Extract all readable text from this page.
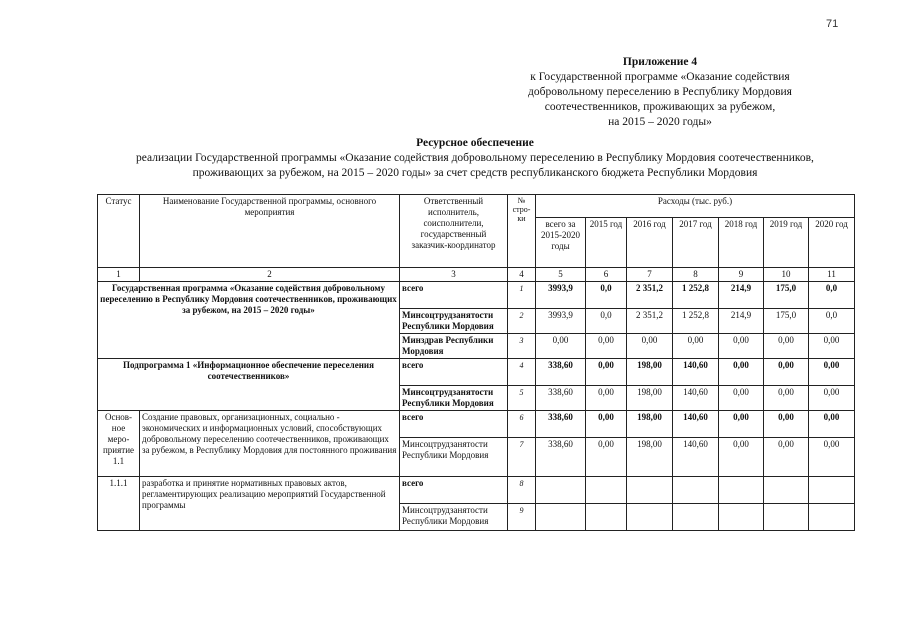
71
Приложение 4
к Государственной программе «Оказание содействия
добровольному переселению в Республику Мордовия
соотечественников, проживающих за рубежом,
на 2015 – 2020 годы»
Ресурсное обеспечение
реализации Государственной программы «Оказание содействия добровольному переселению в Республику Мордовия соотечественников,
проживающих за рубежом, на 2015 – 2020 годы» за счет средств республиканского бюджета Республики Мордовия
Статус	Наименование Государственной программы, основного мероприятия	Ответственный исполнитель, соисполнители, государственный заказчик-координатор	№ стро-ки	Расходы (тыс. руб.)						
				всего за 2015-2020 годы	2015 год	2016 год	2017 год	2018 год	2019 год	2020 год
1	2	3	4	5	6	7	8	9	10	11
Государственная программа «Оказание содействия добровольному переселению в Республику Мордовия соотечественников, проживающих за рубежом, на 2015 – 2020 годы»		всего	1	3993,9	0,0	2 351,2	1 252,8	214,9	175,0	0,0
		Минсоцтрудзанятости Республики Мордовия	2	3993,9	0,0	2 351,2	1 252,8	214,9	175,0	0,0
		Минздрав Республики Мордовия	3	0,00	0,00	0,00	0,00	0,00	0,00	0,00
Подпрограмма 1 «Информационное обеспечение переселения соотечественников»		всего	4	338,60	0,00	198,00	140,60	0,00	0,00	0,00
		Минсоцтрудзанятости Республики Мордовия	5	338,60	0,00	198,00	140,60	0,00	0,00	0,00
Основ-ное меро-приятие 1.1	Создание правовых, организационных, социально - экономических и информационных условий, способствующих добровольному переселению соотечественников, проживающих за рубежом, в Республику Мордовия для постоянного проживания	всего	6	338,60	0,00	198,00	140,60	0,00	0,00	0,00
		Минсоцтрудзанятости Республики Мордовия	7	338,60	0,00	198,00	140,60	0,00	0,00	0,00
1.1.1	разработка и принятие нормативных правовых актов, регламентирующих реализацию мероприятий Государственной программы	всего	8							
		Минсоцтрудзанятости Республики Мордовия	9							
